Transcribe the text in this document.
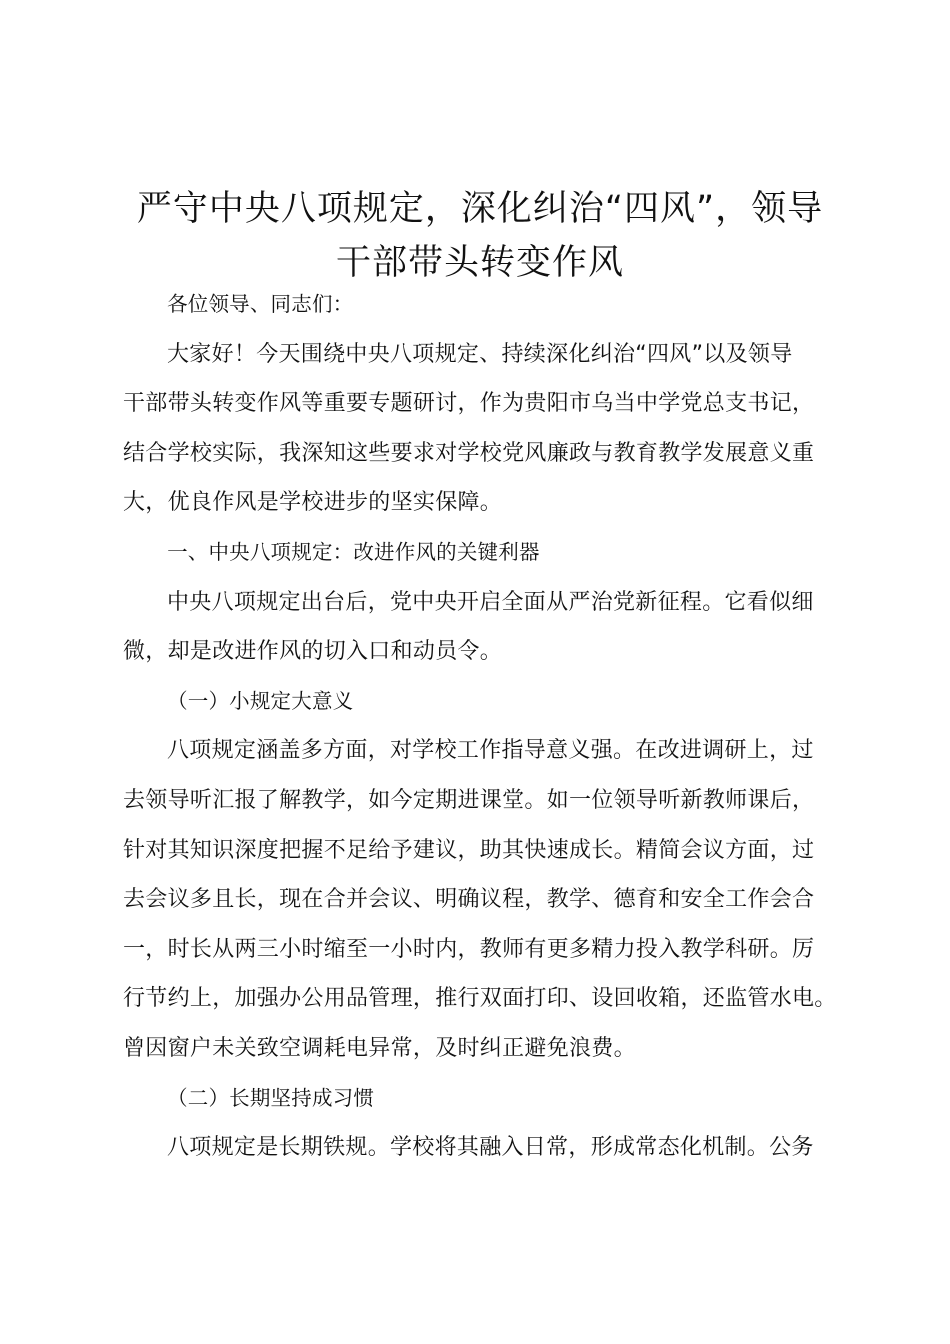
严守中央八项规定，深化纠治“四风”，领导
干部带头转变作风

各位领导、同志们：

大家好！今天围绕中央八项规定、持续深化纠治“四风”以及领导
干部带头转变作风等重要专题研讨，作为贵阳市乌当中学党总支书记，
结合学校实际，我深知这些要求对学校党风廉政与教育教学发展意义重
大，优良作风是学校进步的坚实保障。

一、中央八项规定：改进作风的关键利器

中央八项规定出台后，党中央开启全面从严治党新征程。它看似细
微，却是改进作风的切入口和动员令。

（一）小规定大意义

八项规定涵盖多方面，对学校工作指导意义强。在改进调研上，过
去领导听汇报了解教学，如今定期进课堂。如一位领导听新教师课后，
针对其知识深度把握不足给予建议，助其快速成长。精简会议方面，过
去会议多且长，现在合并会议、明确议程，教学、德育和安全工作会合
一，时长从两三小时缩至一小时内，教师有更多精力投入教学科研。厉
行节约上，加强办公用品管理，推行双面打印、设回收箱，还监管水电。
曾因窗户未关致空调耗电异常，及时纠正避免浪费。

（二）长期坚持成习惯

八项规定是长期铁规。学校将其融入日常，形成常态化机制。公务
